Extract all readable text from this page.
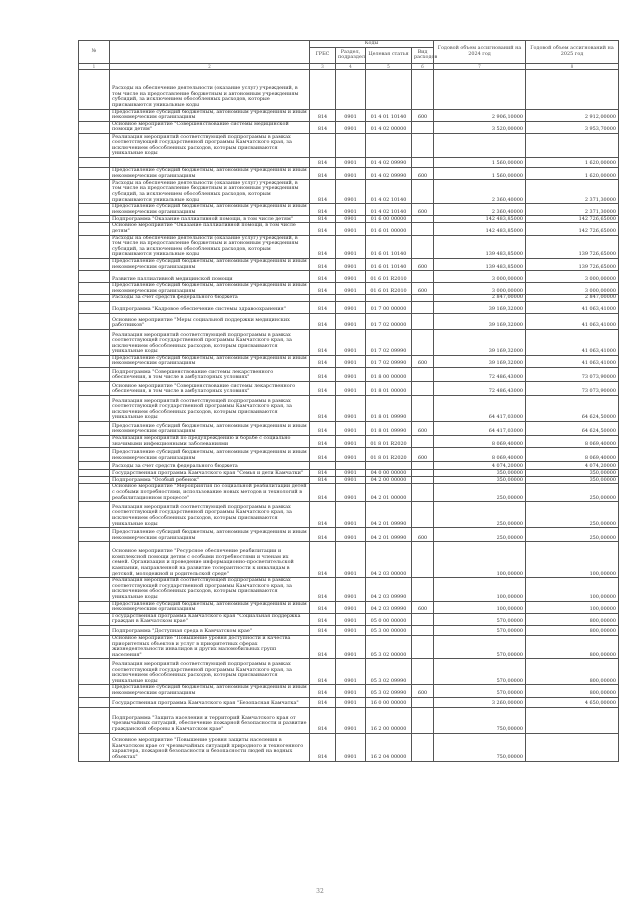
№		Коды				Годовой объем ассигнований на 2024 год	Годовой объем ассигнований на 2025 год
		ГРБС	Раздел, подраздел	Целевая статья	Вид расходов		
1	2	3	4	5	6	7	8
	Расходы на обеспечение деятельности (оказание услуг) учреждений, в том числе на предоставление бюджетным и автономным учреждениям субсидий, за исключением обособленных расходов, которые присваиваются уникальные коды						
	Предоставление субсидий бюджетным, автономным учреждениям и иным некоммерческим организациям	814	0901	01 4 01 10140	600	2 906,10000	2 912,00000
	Основное мероприятие "Совершенствование системы медицинской помощи детям"	814	0901	01 4 02 00000		3 520,00000	3 953,70000
	Реализация мероприятий соответствующей подпрограммы в рамках соответствующей государственной программы Камчатского края, за исключением обособленных расходов, которым присваиваются уникальные коды						
		814	0901	01 4 02 09990		1 560,00000	1 620,00000
	Предоставление субсидий бюджетным, автономным учреждениям и иным некоммерческим организациям	814	0901	01 4 02 09990	600	1 560,00000	1 620,00000
	Расходы на обеспечение деятельности (оказание услуг) учреждений, в том числе на предоставление бюджетным и автономным учреждениям субсидий, за исключением обособленных расходов, которым присваиваются уникальные коды	814	0901	01 4 02 10140		2 360,40000	2 371,30000
	Предоставление субсидий бюджетным, автономным учреждениям и иным некоммерческим организациям	814	0901	01 4 02 10140	600	2 360,40000	2 371,30000
	Подпрограмма "Оказание паллиативной помощи, в том числе детям"	814	0901	01 6 00 00000		142 483,85000	142 726,65000
	Основное мероприятие "Оказание паллиативной помощи, в том числе детям"	814	0901	01 6 01 00000		142 483,85000	142 726,65000
	Расходы на обеспечение деятельности (оказание услуг) учреждений, в том числе на предоставление бюджетным и автономным учреждениям субсидий, за исключением обособленных расходов, которым присваиваются уникальные коды	814	0901	01 6 01 10140		139 483,85000	139 726,65000
	Предоставление субсидий бюджетным, автономным учреждениям и иным некоммерческим организациям	814	0901	01 6 01 10140	600	139 483,85000	139 726,65000
	Развитие паллиативной медицинской помощи	814	0901	01 6 01 R2010		3 000,00000	3 000,00000
	Предоставление субсидий бюджетным, автономным учреждениям и иным некоммерческим организациям	814	0901	01 6 01 R2010	600	3 000,00000	3 000,00000
	Расходы за счет средств федерального бюджета					2 847,00000	2 847,00000
	Подпрограмма "Кадровое обеспечение системы здравоохранения"	814	0901	01 7 00 00000		39 169,32000	41 063,41000
	Основное мероприятие "Меры социальной поддержки медицинских работников"	814	0901	01 7 02 00000		39 169,32000	41 063,41000
	Реализация мероприятий соответствующей подпрограммы в рамках соответствующей государственной программы Камчатского края, за исключением обособленных расходов, которым присваиваются уникальные коды	814	0901	01 7 02 09990		39 169,32000	41 063,41000
	Предоставление субсидий бюджетным, автономным учреждениям и иным некоммерческим организациям	814	0901	01 7 02 09990	600	39 169,32000	41 063,41000
	Подпрограмма "Совершенствование системы лекарственного обеспечения, в том числе в амбулаторных условиях"	814	0901	01 8 00 00000		72 486,43000	73 073,90000
	Основное мероприятие "Совершенствование системы лекарственного обеспечения, в том числе в амбулаторных условиях"	814	0901	01 8 01 00000		72 486,43000	73 073,90000
	Реализация мероприятий соответствующей подпрограммы в рамках соответствующей государственной программы Камчатского края, за исключением обособленных расходов, которым присваиваются уникальные коды	814	0901	01 8 01 09990		64 417,03000	64 624,50000
	Предоставление субсидий бюджетным, автономным учреждениям и иным некоммерческим организациям	814	0901	01 8 01 09990	600	64 417,03000	64 624,50000
	Реализация мероприятий по предупреждению и борьбе с социально значимыми инфекционными заболеваниями	814	0901	01 8 01 R2020		8 069,40000	8 069,40000
	Предоставление субсидий бюджетным, автономным учреждениям и иным некоммерческим организациям	814	0901	01 8 01 R2020	600	8 069,40000	8 069,40000
	Расходы за счет средств федерального бюджета					4 074,20000	4 074,20000
	Государственная программа Камчатского края "Семья и дети Камчатки"	814	0901	04 0 00 00000		350,00000	350,00000
	Подпрограмма "Особый ребенок"	814	0901	04 2 00 00000		350,00000	350,00000
	Основное мероприятие "Мероприятия по социальной реабилитации детей с особыми потребностями, использование новых методов и технологий в реабилитационном процессе"	814	0901	04 2 01 00000		250,00000	250,00000
	Реализация мероприятий соответствующей подпрограммы в рамках соответствующей государственной программы Камчатского края, за исключением обособленных расходов, которым присваиваются уникальные коды	814	0901	04 2 01 09990		250,00000	250,00000
	Предоставление субсидий бюджетным, автономным учреждениям и иным некоммерческим организациям	814	0901	04 2 01 09990	600	250,00000	250,00000
	Основное мероприятие "Ресурсное обеспечение реабилитации и комплексной помощи детям с особыми потребностями и членам их семей. Организация и проведение информационно-просветительской кампании, направленной на развитие толерантности к инвалидам в детской, молодежной и родительской среде"	814	0901	04 2 03 00000		100,00000	100,00000
	Реализация мероприятий соответствующей подпрограммы в рамках соответствующей государственной программы Камчатского края, за исключением обособленных расходов, которым присваиваются уникальные коды	814	0901	04 2 03 09990		100,00000	100,00000
	Предоставление субсидий бюджетным, автономным учреждениям и иным некоммерческим организациям	814	0901	04 2 03 09990	600	100,00000	100,00000
	Государственная программа Камчатского края "Социальная поддержка граждан в Камчатском крае"	814	0901	05 0 00 00000		570,00000	800,00000
	Подпрограмма "Доступная среда в Камчатском крае"	814	0901	05 3 00 00000		570,00000	800,00000
	Основное мероприятие "Повышение уровня доступности и качества приоритетных объектов и услуг в приоритетных сферах жизнедеятельности инвалидов и других маломобильных групп населения"	814	0901	05 3 02 00000		570,00000	800,00000
	Реализация мероприятий соответствующей подпрограммы в рамках соответствующей государственной программы Камчатского края, за исключением обособленных расходов, которым присваиваются уникальные коды	814	0901	05 3 02 09990		570,00000	800,00000
	Предоставление субсидий бюджетным, автономным учреждениям и иным некоммерческим организациям	814	0901	05 3 02 09990	600	570,00000	800,00000
	Государственная программа Камчатского края "Безопасная Камчатка"	814	0901	16 0 00 00000		3 260,00000	4 650,00000
	Подпрограмма "Защита населения и территорий Камчатского края от чрезвычайных ситуаций, обеспечение пожарной безопасности и развитие гражданской обороны в Камчатском крае"	814	0901	16 2 00 00000		750,00000	
	Основное мероприятие "Повышение уровня защиты населения в Камчатском крае от чрезвычайных ситуаций природного и техногенного характера, пожарной безопасности и безопасности людей на водных объектах"	814	0901	16 2 04 00000		750,00000	
32
